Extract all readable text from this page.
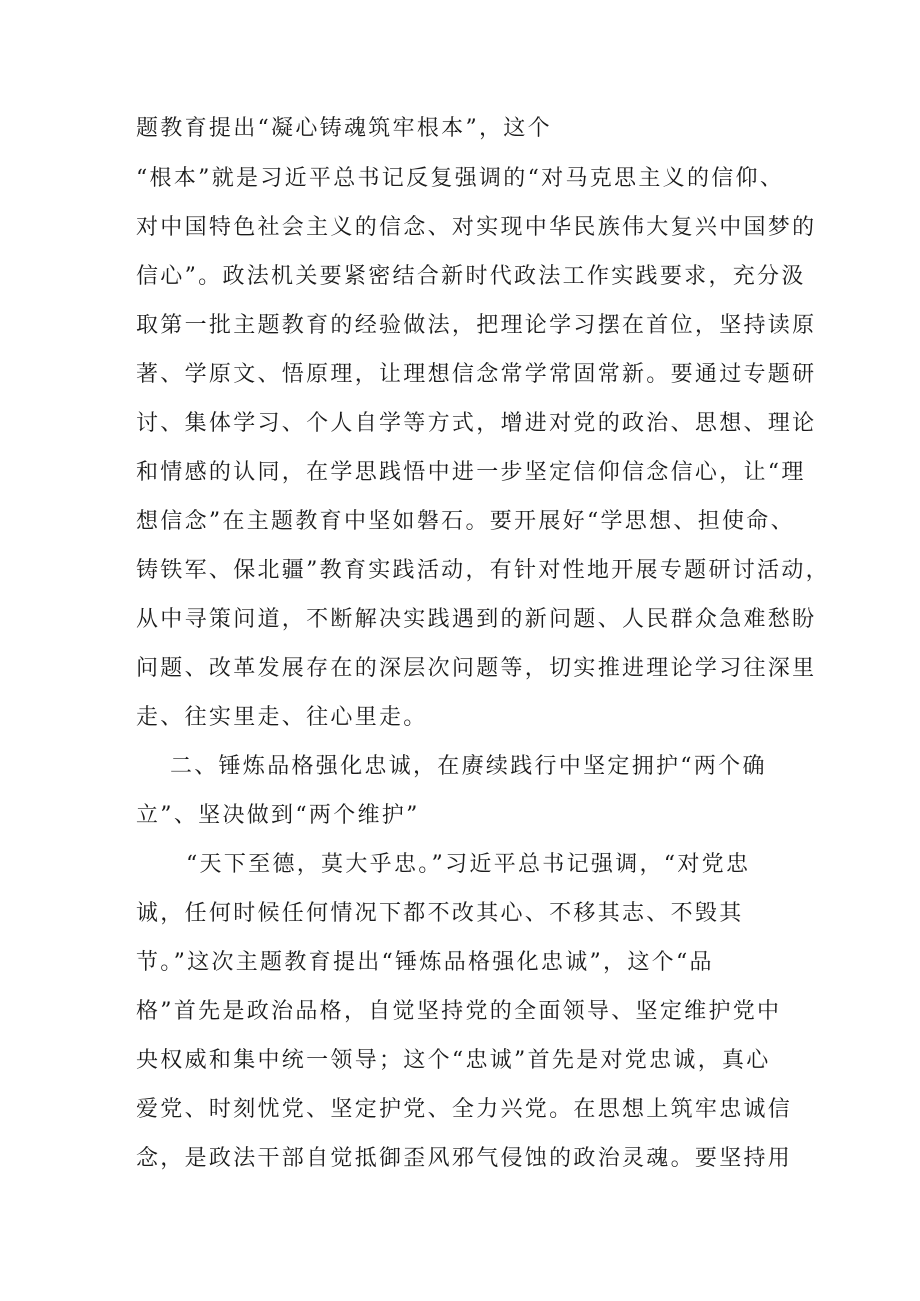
题教育提出“凝心铸魂筑牢根本”，这个
“根本”就是习近平总书记反复强调的“对马克思主义的信仰、
对中国特色社会主义的信念、对实现中华民族伟大复兴中国梦的
信心”。政法机关要紧密结合新时代政法工作实践要求，充分汲
取第一批主题教育的经验做法，把理论学习摆在首位，坚持读原
著、学原文、悟原理，让理想信念常学常固常新。要通过专题研
讨、集体学习、个人自学等方式，增进对党的政治、思想、理论
和情感的认同，在学思践悟中进一步坚定信仰信念信心，让“理
想信念”在主题教育中坚如磐石。要开展好“学思想、担使命、
铸铁军、保北疆”教育实践活动，有针对性地开展专题研讨活动，
从中寻策问道，不断解决实践遇到的新问题、人民群众急难愁盼
问题、改革发展存在的深层次问题等，切实推进理论学习往深里
走、往实里走、往心里走。
二、锤炼品格强化忠诚，在赓续践行中坚定拥护“两个确
立”、坚决做到“两个维护”
“天下至德，莫大乎忠。”习近平总书记强调，“对党忠
诚，任何时候任何情况下都不改其心、不移其志、不毁其
节。”这次主题教育提出“锤炼品格强化忠诚”，这个“品
格”首先是政治品格，自觉坚持党的全面领导、坚定维护党中
央权威和集中统一领导；这个“忠诚”首先是对党忠诚，真心
爱党、时刻忧党、坚定护党、全力兴党。在思想上筑牢忠诚信
念，是政法干部自觉抵御歪风邪气侵蚀的政治灵魂。要坚持用
